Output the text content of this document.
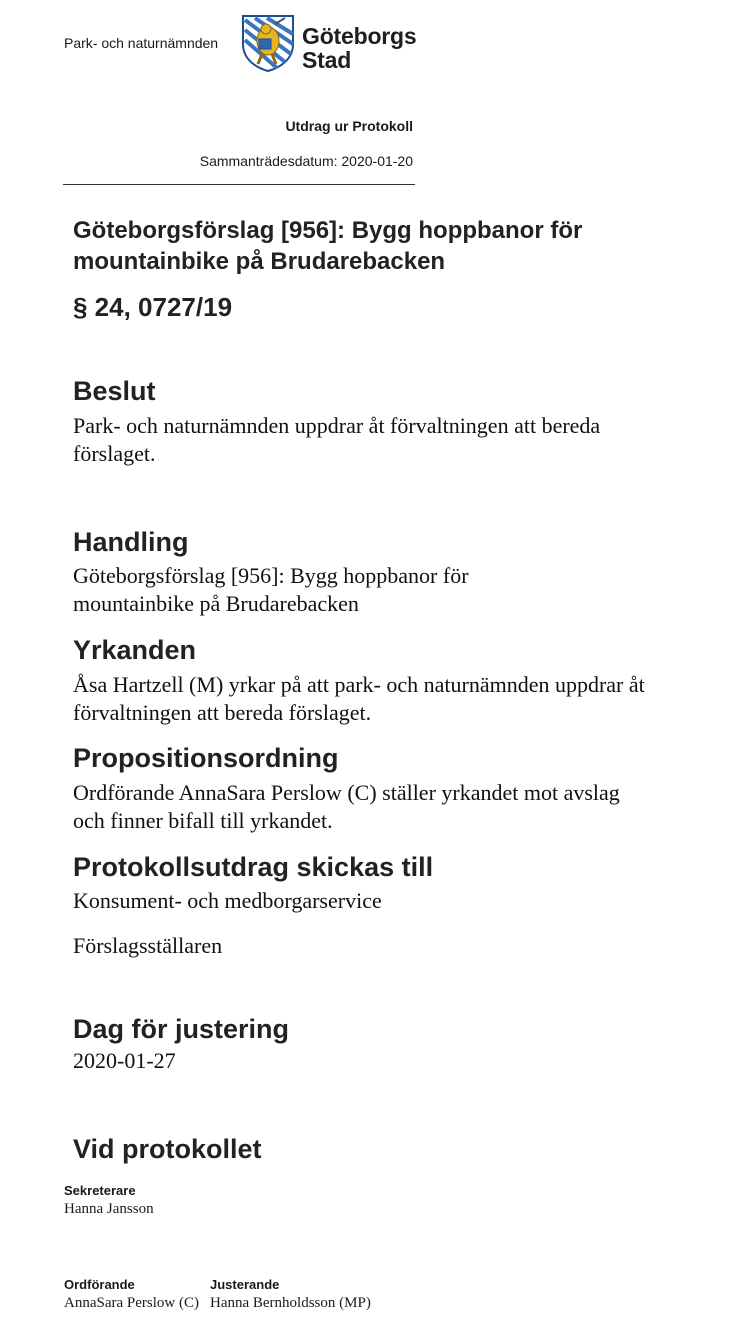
Park- och naturnämnden	Göteborgs
Stad
Utdrag ur Protokoll
Sammanträdesdatum: 2020-01-20
Göteborgsförslag [956]: Bygg hoppbanor för mountainbike på Brudarebacken
§ 24, 0727/19
Beslut
Park- och naturnämnden uppdrar åt förvaltningen att bereda förslaget.
Handling
Göteborgsförslag [956]: Bygg hoppbanor för mountainbike på Brudarebacken
Yrkanden
Åsa Hartzell (M) yrkar på att park- och naturnämnden uppdrar åt förvaltningen att bereda förslaget.
Propositionsordning
Ordförande AnnaSara Perslow (C) ställer yrkandet mot avslag och finner bifall till yrkandet.
Protokollsutdrag skickas till
Konsument- och medborgarservice
Förslagsställaren
Dag för justering
2020-01-27
Vid protokollet
Sekreterare
Hanna Jansson
Ordförande
AnnaSara Perslow (C)
Justerande
Hanna Bernholdsson (MP)
